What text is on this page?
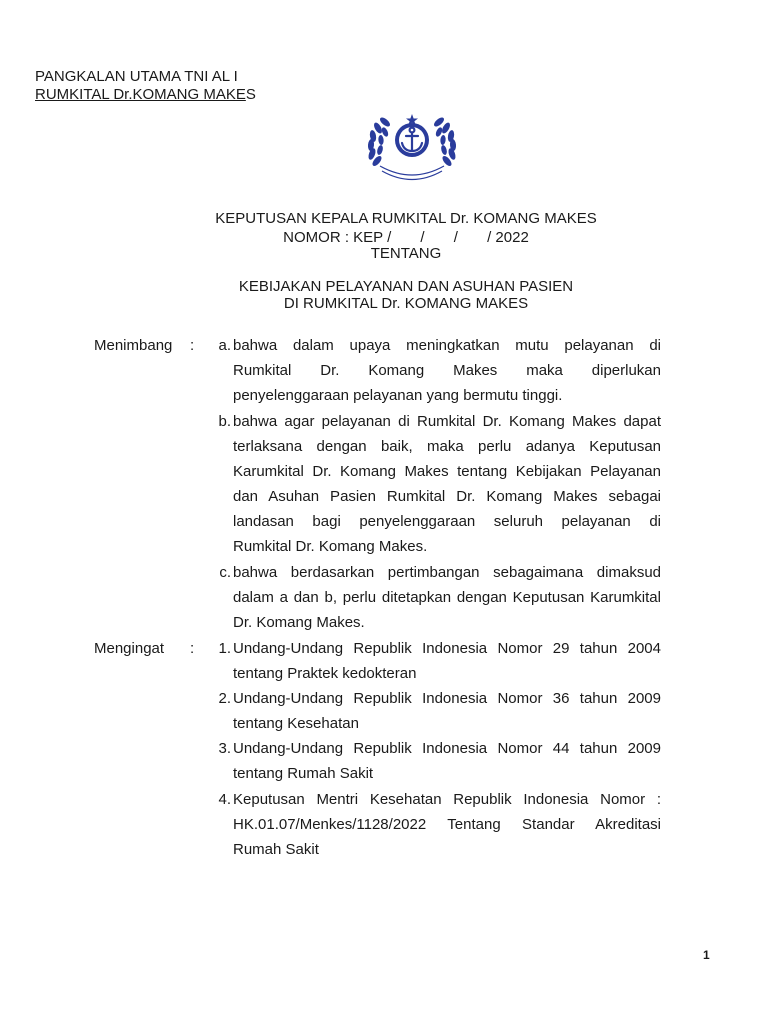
PANGKALAN UTAMA TNI AL I
RUMKITAL Dr.KOMANG MAKES
KEPUTUSAN KEPALA RUMKITAL Dr. KOMANG MAKES
NOMOR : KEP /       /       /       / 2022
TENTANG
KEBIJAKAN PELAYANAN DAN ASUHAN PASIEN
DI RUMKITAL Dr. KOMANG MAKES
Menimbang :	a. bahwa dalam upaya meningkatkan mutu pelayanan di
Rumkital Dr. Komang Makes maka diperlukan
penyelenggaraan pelayanan yang bermutu tinggi.
b. bahwa agar pelayanan di Rumkital Dr. Komang Makes dapat
terlaksana dengan baik, maka perlu adanya Keputusan
Karumkital Dr. Komang Makes tentang Kebijakan Pelayanan
dan Asuhan Pasien Rumkital Dr. Komang Makes sebagai
landasan bagi penyelenggaraan seluruh pelayanan di
Rumkital Dr. Komang Makes.
c. bahwa berdasarkan pertimbangan sebagaimana dimaksud
dalam a dan b, perlu ditetapkan dengan Keputusan Karumkital
Dr. Komang Makes.
Mengingat :	1. Undang-Undang Republik Indonesia Nomor 29 tahun 2004
tentang Praktek kedokteran
2. Undang-Undang Republik Indonesia Nomor 36 tahun 2009
tentang Kesehatan
3. Undang-Undang Republik Indonesia Nomor 44 tahun 2009
tentang Rumah Sakit
4. Keputusan Mentri Kesehatan Republik Indonesia Nomor :
HK.01.07/Menkes/1128/2022 Tentang Standar Akreditasi
Rumah Sakit
1
